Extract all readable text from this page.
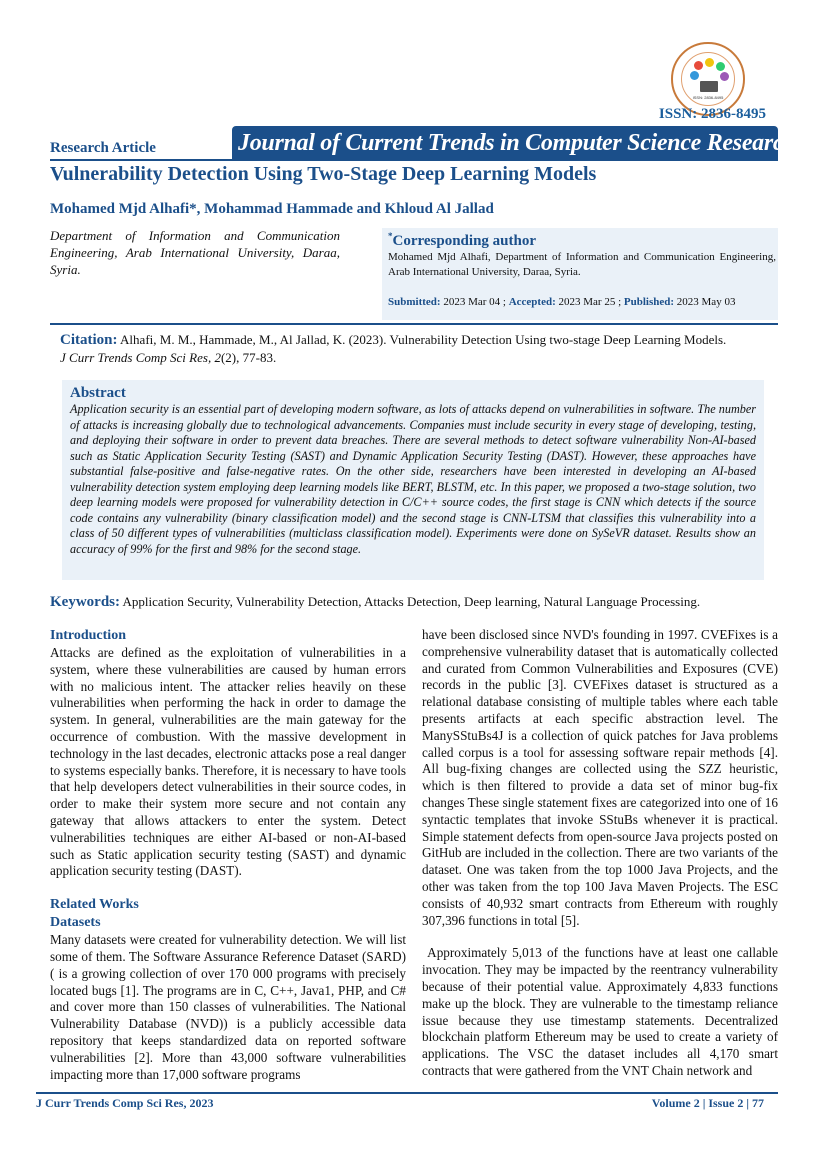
ISSN: 2836-8495
ISSN: 2836-8495
Research Article	Journal of Current Trends in Computer Science Research
Vulnerability Detection Using Two-Stage Deep Learning Models
Mohamed Mjd Alhafi*, Mohammad Hammade and Khloud Al Jallad
Department of Information and Communication Engineering, Arab International University, Daraa, Syria.
*Corresponding author
Mohamed Mjd Alhafi, Department of Information and Communication Engineering, Arab International University, Daraa, Syria.
Submitted: 2023 Mar 04 ; Accepted: 2023 Mar 25 ; Published: 2023 May 03
Citation: Alhafi, M. M., Hammade, M., Al Jallad, K. (2023). Vulnerability Detection Using two-stage Deep Learning Models.
J Curr Trends Comp Sci Res, 2(2), 77-83.
Abstract
Application security is an essential part of developing modern software, as lots of attacks depend on vulnerabilities in software. The number of attacks is increasing globally due to technological advancements. Companies must include security in every stage of developing, testing, and deploying their software in order to prevent data breaches. There are several methods to detect software vulnerability Non-AI-based such as Static Application Security Testing (SAST) and Dynamic Application Security Testing (DAST). However, these approaches have substantial false-positive and false-negative rates. On the other side, researchers have been interested in developing an AI-based vulnerability detection system employing deep learning models like BERT, BLSTM, etc. In this paper, we proposed a two-stage solution, two deep learning models were proposed for vulnerability detection in C/C++ source codes, the first stage is CNN which detects if the source code contains any vulnerability (binary classification model) and the second stage is CNN-LTSM that classifies this vulnerability into a class of 50 different types of vulnerabilities (multiclass classification model). Experiments were done on SySeVR dataset. Results show an accuracy of 99% for the first and 98% for the second stage.
Keywords: Application Security, Vulnerability Detection, Attacks Detection, Deep learning, Natural Language Processing.
Introduction
Attacks are defined as the exploitation of vulnerabilities in a system, where these vulnerabilities are caused by human errors with no malicious intent. The attacker relies heavily on these vulnerabilities when performing the hack in order to damage the system. In general, vulnerabilities are the main gateway for the occurrence of combustion. With the massive development in technology in the last decades, electronic attacks pose a real danger to systems especially banks. Therefore, it is necessary to have tools that help developers detect vulnerabilities in their source codes, in order to make their system more secure and not contain any gateway that allows attackers to enter the system. Detect vulnerabilities techniques are either AI-based or non-AI-based such as Static application security testing (SAST) and dynamic application security testing (DAST).
Related Works
Datasets
Many datasets were created for vulnerability detection. We will list some of them. The Software Assurance Reference Dataset (SARD)( is a growing collection of over 170 000 programs with precisely located bugs [1]. The programs are in C, C++, Java1, PHP, and C# and cover more than 150 classes of vulnerabilities. The National Vulnerability Database (NVD)) is a publicly accessible data repository that keeps standardized data on reported software vulnerabilities [2]. More than 43,000 software vulnerabilities impacting more than 17,000 software programs
have been disclosed since NVD's founding in 1997. CVEFixes is a comprehensive vulnerability dataset that is automatically collected and curated from Common Vulnerabilities and Exposures (CVE) records in the public [3]. CVEFixes dataset is structured as a relational database consisting of multiple tables where each table presents artifacts at each specific abstraction level. The ManySStuBs4J is a collection of quick patches for Java problems called corpus is a tool for assessing software repair methods [4]. All bug-fixing changes are collected using the SZZ heuristic, which is then filtered to provide a data set of minor bug-fix changes These single statement fixes are categorized into one of 16 syntactic templates that invoke SStuBs whenever it is practical. Simple statement defects from open-source Java projects posted on GitHub are included in the collection. There are two variants of the dataset. One was taken from the top 1000 Java Projects, and the other was taken from the top 100 Java Maven Projects. The ESC consists of 40,932 smart contracts from Ethereum with roughly 307,396 functions in total [5].
Approximately 5,013 of the functions have at least one callable invocation. They may be impacted by the reentrancy vulnerability because of their potential value. Approximately 4,833 functions make up the block. They are vulnerable to the timestamp reliance issue because they use timestamp statements. Decentralized blockchain platform Ethereum may be used to create a variety of applications. The VSC the dataset includes all 4,170 smart contracts that were gathered from the VNT Chain network and
J Curr Trends Comp Sci Res, 2023	Volume 2 | Issue 2 | 77
